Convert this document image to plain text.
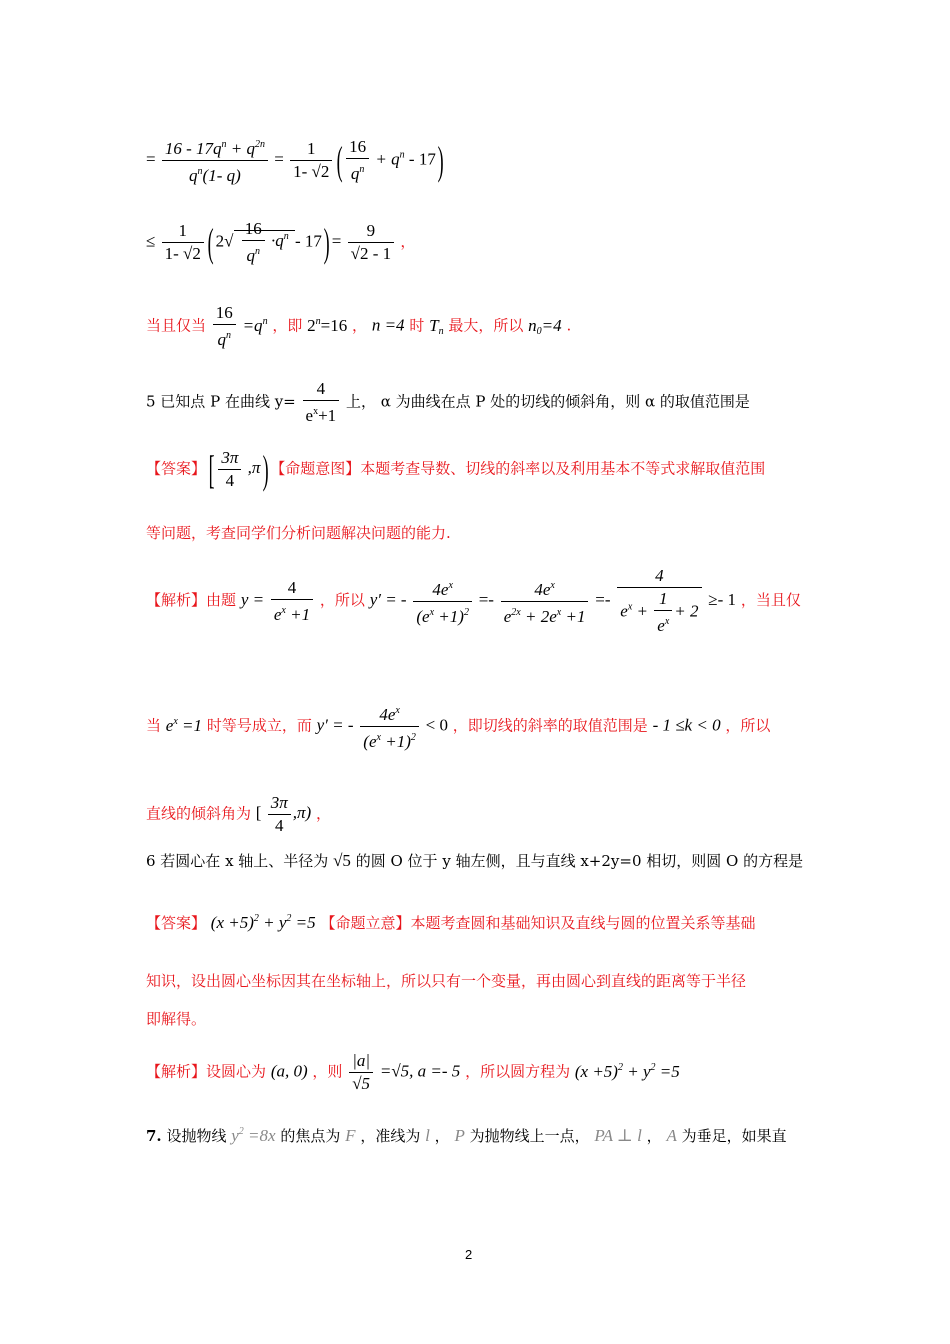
= $\frac{16 - 17q^n + q^{2n}}{q^n(1- q)} = \frac{1}{1- √2}$ ( $\frac{16}{q^n} + q^n - 17$ )
≤ $\frac{1}{1- √2}$ ( $2√ \frac{16}{q^n} \cdot q^n - 17$ ) = $\frac{9}{√2 - 1}$ ，
当且仅当 $\frac{16}{q^n} =q^n$ ，即 $2^n=16$ ， n =4 时 $T_n$ 最大，所以 $n_0=4$ .
5 已知点 P 在曲线 $y= \frac{4}{e^x+1}$ 上， α 为曲线在点 P 处的切线的倾斜角，则 α 的取值范围是
【答案】 [ $\frac{3\pi}{4} ,\pi$ ) 【命题意图】本题考查导数、切线的斜率以及利用基本不等式求解取值范围
等问题，考查同学们分析问题解决问题的能力.
【解析】由题 $y = \frac{4}{e^x +1}$ ，所以 y′ = - $\frac{4e^x}{(e^x +1)^2} =- \frac{4e^x}{e^{2x} + 2e^x +1} =- \frac{4}{e^x + \frac{1}{e^x} + 2} \ge- 1$ ，当且仅
当 $e^x =1$ 时等号成立，而 y′ = - $\frac{4e^x}{(e^x +1)^2} < 0$ ，即切线的斜率的取值范围是 - 1 ≤k < 0 ，所以
直线的倾斜角为 [ $\frac{3\pi}{4} ,\pi$) ，
6 若圆心在 x 轴上、半径为 √5 的圆 O 位于 y 轴左侧，且与直线 x+2y=0 相切，则圆 O 的方程是
【答案】 $(x +5)^2 + y^2 =5$ 【命题立意】本题考查圆和基础知识及直线与圆的位置关系等基础
知识，设出圆心坐标因其在坐标轴上，所以只有一个变量，再由圆心到直线的距离等于半径
即解得。
【解析】设圆心为 (a, 0) ，则 $\frac{|a|}{√5} =√5$, a =- 5 ，所以圆方程为 $(x +5)^2 + y^2 =5$
7. 设抛物线 $y^2 =8x$ 的焦点为 F ，准线为 l ， P 为抛物线上一点， PA ⊥ l ， A 为垂足，如果直
2
